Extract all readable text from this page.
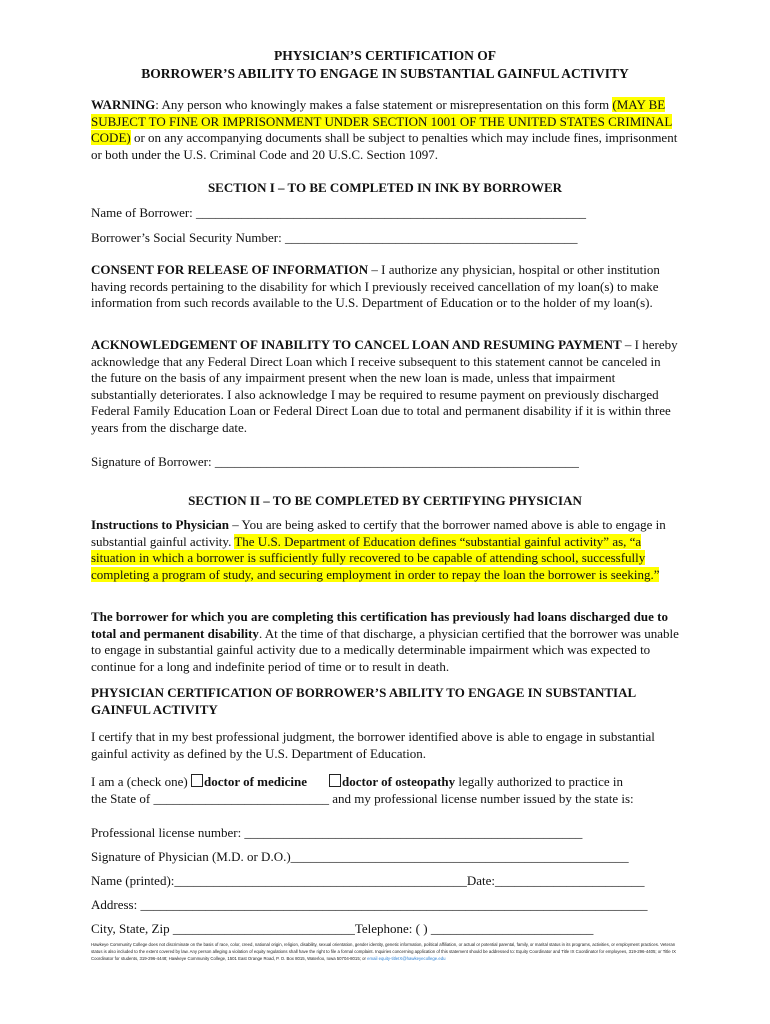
PHYSICIAN’S CERTIFICATION OF
BORROWER’S ABILITY TO ENGAGE IN SUBSTANTIAL GAINFUL ACTIVITY
WARNING: Any person who knowingly makes a false statement or misrepresentation on this form (MAY BE SUBJECT TO FINE OR IMPRISONMENT UNDER SECTION 1001 OF THE UNITED STATES CRIMINAL CODE) or on any accompanying documents shall be subject to penalties which may include fines, imprisonment or both under the U.S. Criminal Code and 20 U.S.C. Section 1097.
SECTION I – TO BE COMPLETED IN INK BY BORROWER
Name of Borrower: ____________________________________________________________
Borrower’s Social Security Number: _____________________________________________
CONSENT FOR RELEASE OF INFORMATION – I authorize any physician, hospital or other institution having records pertaining to the disability for which I previously received cancellation of my loan(s) to make information from such records available to the U.S. Department of Education or to the holder of my loan(s).
ACKNOWLEDGEMENT OF INABILITY TO CANCEL LOAN AND RESUMING PAYMENT – I hereby acknowledge that any Federal Direct Loan which I receive subsequent to this statement cannot be canceled in the future on the basis of any impairment present when the new loan is made, unless that impairment substantially deteriorates. I also acknowledge I may be required to resume payment on previously discharged Federal Family Education Loan or Federal Direct Loan due to total and permanent disability if it is within three years from the discharge date.
Signature of Borrower: ________________________________________________________
SECTION II – TO BE COMPLETED BY CERTIFYING PHYSICIAN
Instructions to Physician – You are being asked to certify that the borrower named above is able to engage in substantial gainful activity. The U.S. Department of Education defines “substantial gainful activity” as, “a situation in which a borrower is sufficiently fully recovered to be capable of attending school, successfully completing a program of study, and securing employment in order to repay the loan the borrower is seeking.”
The borrower for which you are completing this certification has previously had loans discharged due to total and permanent disability. At the time of that discharge, a physician certified that the borrower was unable to engage in substantial gainful activity due to a medically determinable impairment which was expected to continue for a long and indefinite period of time or to result in death.
PHYSICIAN CERTIFICATION OF BORROWER’S ABILITY TO ENGAGE IN SUBSTANTIAL GAINFUL ACTIVITY
I certify that in my best professional judgment, the borrower identified above is able to engage in substantial gainful activity as defined by the U.S. Department of Education.
I am a (check one) doctor of medicine	doctor of osteopathy legally authorized to practice in
the State of ___________________________ and my professional license number issued by the state is:
Professional license number: ____________________________________________________
Signature of Physician (M.D. or D.O.)____________________________________________________
Name (printed):_____________________________________________Date:_______________________
Address: ______________________________________________________________________________
City, State, Zip ____________________________Telephone: ( ) _________________________
Hawkeye Community College does not discriminate on the basis of race, color, creed, national origin, religion, disability, sexual orientation, gender identity, genetic information, political affiliation, or actual or potential parental, family, or marital status in its programs, activities, or employment practices. Veteran status is also included to the extent covered by law. Any person alleging a violation of equity regulations shall have the right to file a formal complaint. Inquiries concerning application of this statement should be addressed to: Equity Coordinator and Title IX Coordinator for employees, 319-296-4405; or Title IX Coordinator for students, 319-296-4448; Hawkeye Community College, 1501 East Orange Road, P. O. Box 8015, Waterloo, Iowa 50704-8015; or email equity-titleIX@hawkeyecollege.edu
